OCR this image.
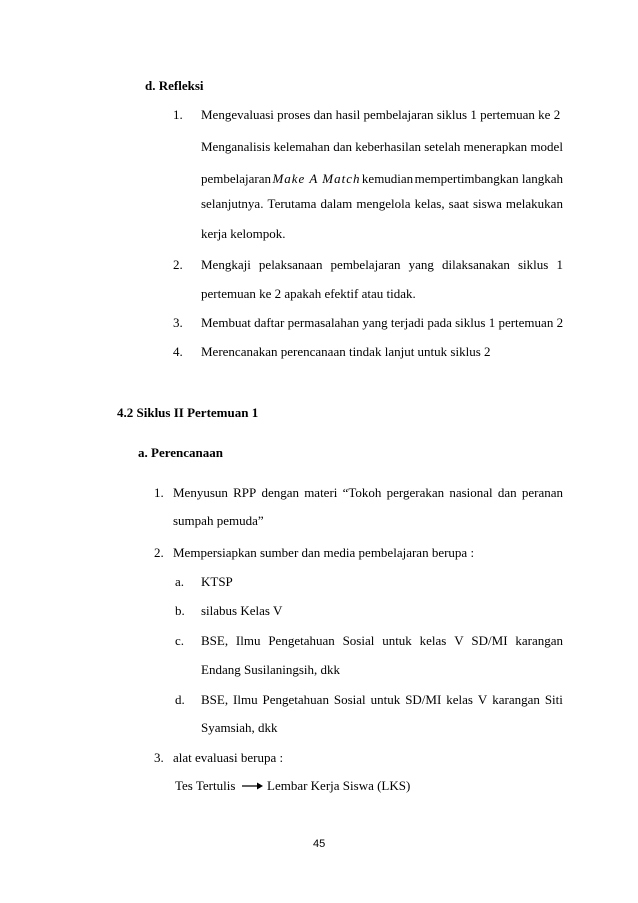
d. Refleksi
1. Mengevaluasi proses dan hasil pembelajaran siklus 1 pertemuan ke 2
Menganalisis kelemahan dan keberhasilan setelah menerapkan model
pembelajaran Make A Match kemudian mempertimbangkan langkah
selanjutnya. Terutama dalam mengelola kelas, saat siswa melakukan
kerja kelompok.
2. Mengkaji pelaksanaan pembelajaran yang dilaksanakan siklus 1
pertemuan ke 2 apakah efektif atau tidak.
3. Membuat daftar permasalahan yang terjadi pada siklus 1 pertemuan 2
4. Merencanakan perencanaan tindak lanjut untuk siklus 2
4.2 Siklus II Pertemuan 1
a. Perencanaan
1. Menyusun RPP dengan materi “Tokoh pergerakan nasional dan peranan
sumpah pemuda”
2. Mempersiapkan sumber dan media pembelajaran berupa :
a. KTSP
b. silabus Kelas V
c. BSE, Ilmu Pengetahuan Sosial untuk kelas V SD/MI karangan
Endang Susilaningsih, dkk
d. BSE, Ilmu Pengetahuan Sosial untuk SD/MI kelas V karangan Siti
Syamsiah, dkk
3. alat evaluasi berupa :
Tes Tertulis Lembar Kerja Siswa (LKS)
45
